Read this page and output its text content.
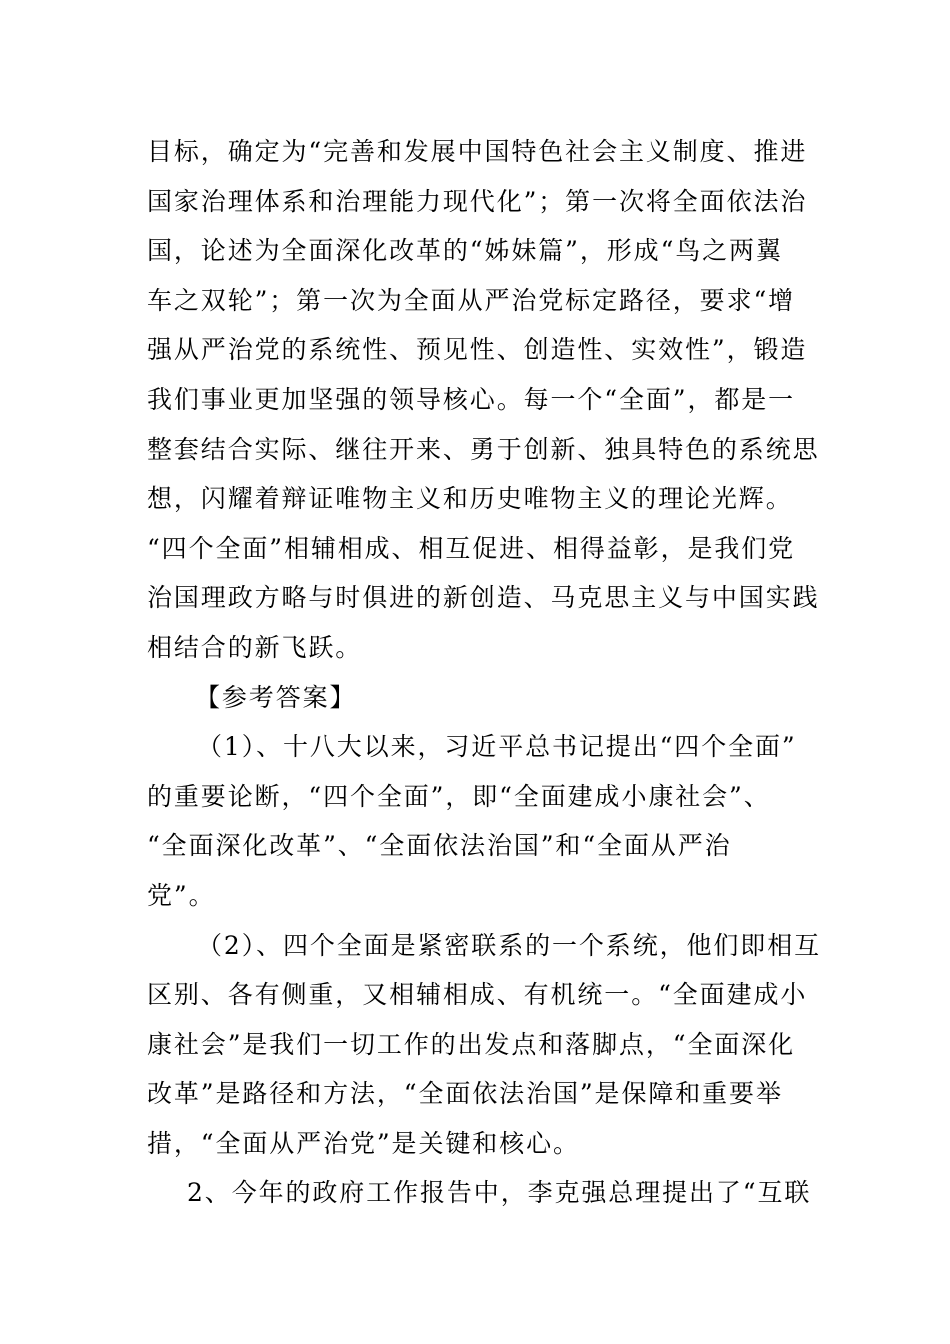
目标，确定为“完善和发展中国特色社会主义制度、推进
国家治理体系和治理能力现代化”；第一次将全面依法治
国，论述为全面深化改革的“姊妹篇”，形成“鸟之两翼
车之双轮”；第一次为全面从严治党标定路径，要求“增
强从严治党的系统性、预见性、创造性、实效性”，锻造
我们事业更加坚强的领导核心。每一个“全面”，都是一
整套结合实际、继往开来、勇于创新、独具特色的系统思
想，闪耀着辩证唯物主义和历史唯物主义的理论光辉。
“四个全面”相辅相成、相互促进、相得益彰，是我们党
治国理政方略与时俱进的新创造、马克思主义与中国实践
相结合的新飞跃。
【参考答案】
（1）、十八大以来，习近平总书记提出“四个全面”
的重要论断，“四个全面”，即“全面建成小康社会”、
“全面深化改革”、“全面依法治国”和“全面从严治
党”。
（2）、四个全面是紧密联系的一个系统，他们即相互
区别、各有侧重，又相辅相成、有机统一。“全面建成小
康社会”是我们一切工作的出发点和落脚点，“全面深化
改革”是路径和方法，“全面依法治国”是保障和重要举
措，“全面从严治党”是关键和核心。
2、今年的政府工作报告中，李克强总理提出了“互联
